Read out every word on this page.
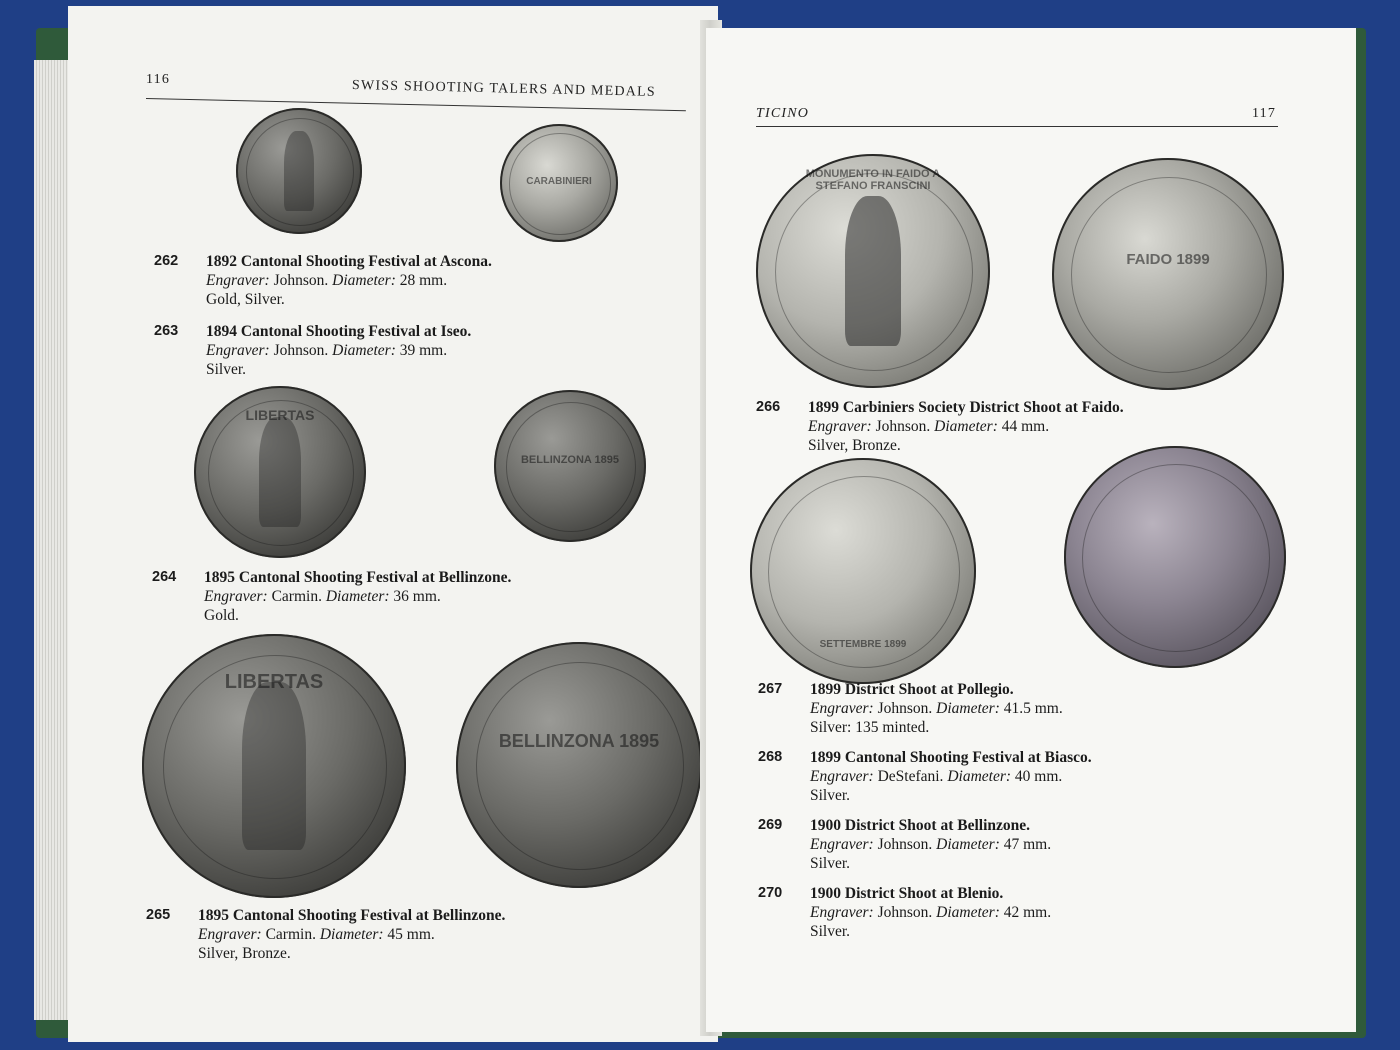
116	SWISS SHOOTING TALERS AND MEDALS
CARABINIERI
262 1892 Cantonal Shooting Festival at Ascona.
Engraver: Johnson. Diameter: 28 mm.
Gold, Silver.
263 1894 Cantonal Shooting Festival at Iseo.
Engraver: Johnson. Diameter: 39 mm.
Silver.
LIBERTAS
BELLINZONA 1895
264 1895 Cantonal Shooting Festival at Bellinzone.
Engraver: Carmin. Diameter: 36 mm.
Gold.
LIBERTAS
BELLINZONA 1895
265 1895 Cantonal Shooting Festival at Bellinzone.
Engraver: Carmin. Diameter: 45 mm.
Silver, Bronze.
TICINO	117
MONUMENTO IN FAIDO A STEFANO FRANSCINI
FAIDO 1899
266 1899 Carbiniers Society District Shoot at Faido.
Engraver: Johnson. Diameter: 44 mm.
Silver, Bronze.
SETTEMBRE 1899
267 1899 District Shoot at Pollegio.
Engraver: Johnson. Diameter: 41.5 mm.
Silver: 135 minted.
268 1899 Cantonal Shooting Festival at Biasco.
Engraver: DeStefani. Diameter: 40 mm.
Silver.
269 1900 District Shoot at Bellinzone.
Engraver: Johnson. Diameter: 47 mm.
Silver.
270 1900 District Shoot at Blenio.
Engraver: Johnson. Diameter: 42 mm.
Silver.
